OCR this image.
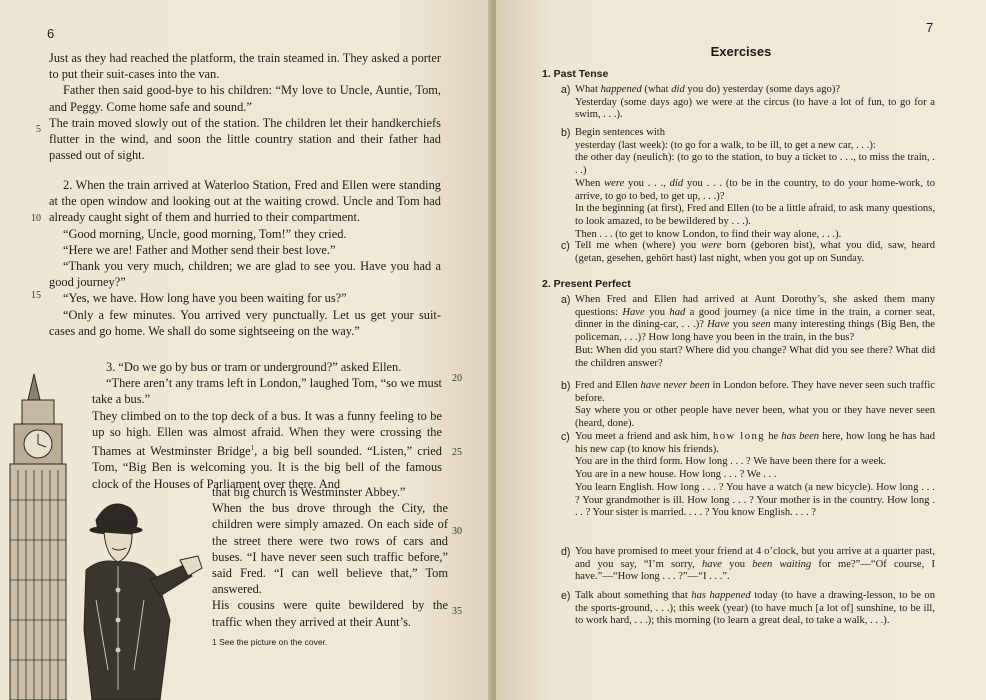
6
5
10
15
20
25
30
35

Just as they had reached the platform, the train steamed in. They asked a porter to put their suit-cases into the van.

Father then said good-bye to his children: “My love to Uncle, Auntie, Tom, and Peggy. Come home safe and sound.”

The train moved slowly out of the station. The children let their handkerchiefs flutter in the wind, and soon the little country station and their father had passed out of sight.

2. When the train arrived at Waterloo Station, Fred and Ellen were standing at the open window and looking out at the waiting crowd. Uncle and Tom had already caught sight of them and hurried to their compartment.

“Good morning, Uncle, good morning, Tom!” they cried.

“Here we are! Father and Mother send their best love.”

“Thank you very much, children; we are glad to see you. Have you had a good journey?”

“Yes, we have. How long have you been waiting for us?”

“Only a few minutes. You arrived very punctually. Let us get your suit-cases and go home. We shall do some sightseeing on the way.”

3. “Do we go by bus or tram or underground?” asked Ellen.

“There aren’t any trams left in London,” laughed Tom, “so we must take a bus.”

They climbed on to the top deck of a bus. It was a funny feeling to be up so high. Ellen was almost afraid. When they were crossing the Thames at Westminster Bridge$^1$, a big bell sounded. “Listen,” cried Tom, “Big Ben is welcoming you. It is the big bell of the famous clock of the Houses of Parliament over there. And

that big church is Westminster Abbey.”

When the bus drove through the City, the children were simply amazed. On each side of the street there were two rows of cars and buses. “I have never seen such traffic before,” said Fred. “I can well believe that,” Tom answered.

His cousins were quite bewildered by the traffic when they arrived at their Aunt’s.

1 See the picture on the cover.
7
Exercises
1. Past Tense
a) What happened (what did you do) yesterday (some days ago)?

Yesterday (some days ago) we were at the circus (to have a lot of fun, to go for a swim, . . .).

b) Begin sentences with

yesterday (last week): (to go for a walk, to be ill, to get a new car, . . .):

the other day (neulich): (to go to the station, to buy a ticket to . . ., to miss the train, . . .)

When were you . . ., did you . . . (to be in the country, to do your home-work, to arrive, to go to bed, to get up, . . .)?

In the beginning (at first), Fred and Ellen (to be a little afraid, to ask many questions, to look amazed, to be bewildered by . . .).

Then . . . (to get to know London, to find their way alone, . . .).

c) Tell me when (where) you were born (geboren bist), what you did, saw, heard (getan, gesehen, gehört hast) last night, when you got up on Sunday.

2. Present Perfect
a) When Fred and Ellen had arrived at Aunt Dorothy’s, she asked them many questions: Have you had a good journey (a nice time in the train, a corner seat, dinner in the dining-car, . . .)? Have you seen many interesting things (Big Ben, the policeman, . . .)? How long have you been in the train, in the bus?

But: When did you start? Where did you change? What did you see there? What did the children answer?

b) Fred and Ellen have never been in London before. They have never seen such traffic before.

Say where you or other people have never been, what you or they have never seen (heard, done).

c) You meet a friend and ask him, how long he has been here, how long he has had his new cap (to know his friends).

You are in the third form. How long . . . ? We have been there for a week.

You are in a new house. How long . . . ? We . . .

You learn English. How long . . . ? You have a watch (a new bicycle). How long . . . ? Your grandmother is ill. How long . . . ? Your mother is in the country. How long . . . ? Your sister is married. . . . ? You know English. . . . ?

d) You have promised to meet your friend at 4 o’clock, but you arrive at a quarter past, and you say, “I’m sorry, have you been waiting for me?”—“Of course, I have.”—“How long . . . ?”—“I . . .”.

e) Talk about something that has happened today (to have a drawing-lesson, to be on the sports-ground, . . .); this week (year) (to have much [a lot of] sunshine, to be ill, to work hard, . . .); this morning (to learn a great deal, to take a walk, . . .).
